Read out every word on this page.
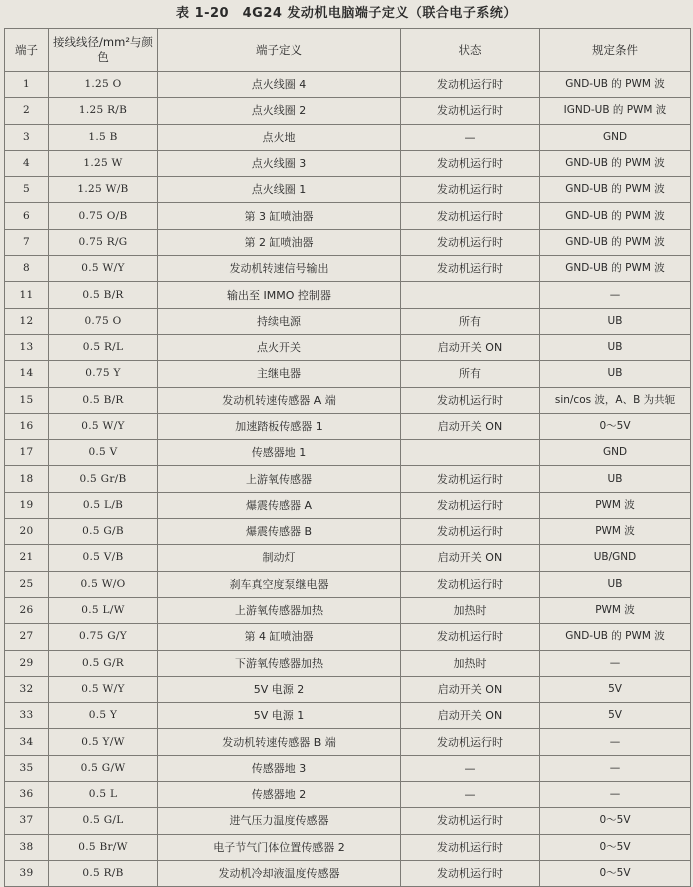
表 1-20　4G24 发动机电脑端子定义（联合电子系统）
端子	接线线径/mm²与颜色	端子定义	状态	规定条件
1	1.25 O	点火线圈 4	发动机运行时	GND-UB 的 PWM 波
2	1.25 R/B	点火线圈 2	发动机运行时	IGND-UB 的 PWM 波
3	1.5 B	点火地	—	GND
4	1.25 W	点火线圈 3	发动机运行时	GND-UB 的 PWM 波
5	1.25 W/B	点火线圈 1	发动机运行时	GND-UB 的 PWM 波
6	0.75 O/B	第 3 缸喷油器	发动机运行时	GND-UB 的 PWM 波
7	0.75 R/G	第 2 缸喷油器	发动机运行时	GND-UB 的 PWM 波
8	0.5 W/Y	发动机转速信号输出	发动机运行时	GND-UB 的 PWM 波
11	0.5 B/R	输出至 IMMO 控制器		—
12	0.75 O	持续电源	所有	UB
13	0.5 R/L	点火开关	启动开关 ON	UB
14	0.75 Y	主继电器	所有	UB
15	0.5 B/R	发动机转速传感器 A 端	发动机运行时	sin/cos 波，A、B 为共轭
16	0.5 W/Y	加速踏板传感器 1	启动开关 ON	0～5V
17	0.5 V	传感器地 1		GND
18	0.5 Gr/B	上游氧传感器	发动机运行时	UB
19	0.5 L/B	爆震传感器 A	发动机运行时	PWM 波
20	0.5 G/B	爆震传感器 B	发动机运行时	PWM 波
21	0.5 V/B	制动灯	启动开关 ON	UB/GND
25	0.5 W/O	刹车真空度泵继电器	发动机运行时	UB
26	0.5 L/W	上游氧传感器加热	加热时	PWM 波
27	0.75 G/Y	第 4 缸喷油器	发动机运行时	GND-UB 的 PWM 波
29	0.5 G/R	下游氧传感器加热	加热时	—
32	0.5 W/Y	5V 电源 2	启动开关 ON	5V
33	0.5 Y	5V 电源 1	启动开关 ON	5V
34	0.5 Y/W	发动机转速传感器 B 端	发动机运行时	—
35	0.5 G/W	传感器地 3	—	—
36	0.5 L	传感器地 2	—	—
37	0.5 G/L	进气压力温度传感器	发动机运行时	0～5V
38	0.5 Br/W	电子节气门体位置传感器 2	发动机运行时	0～5V
39	0.5 R/B	发动机冷却液温度传感器	发动机运行时	0～5V
